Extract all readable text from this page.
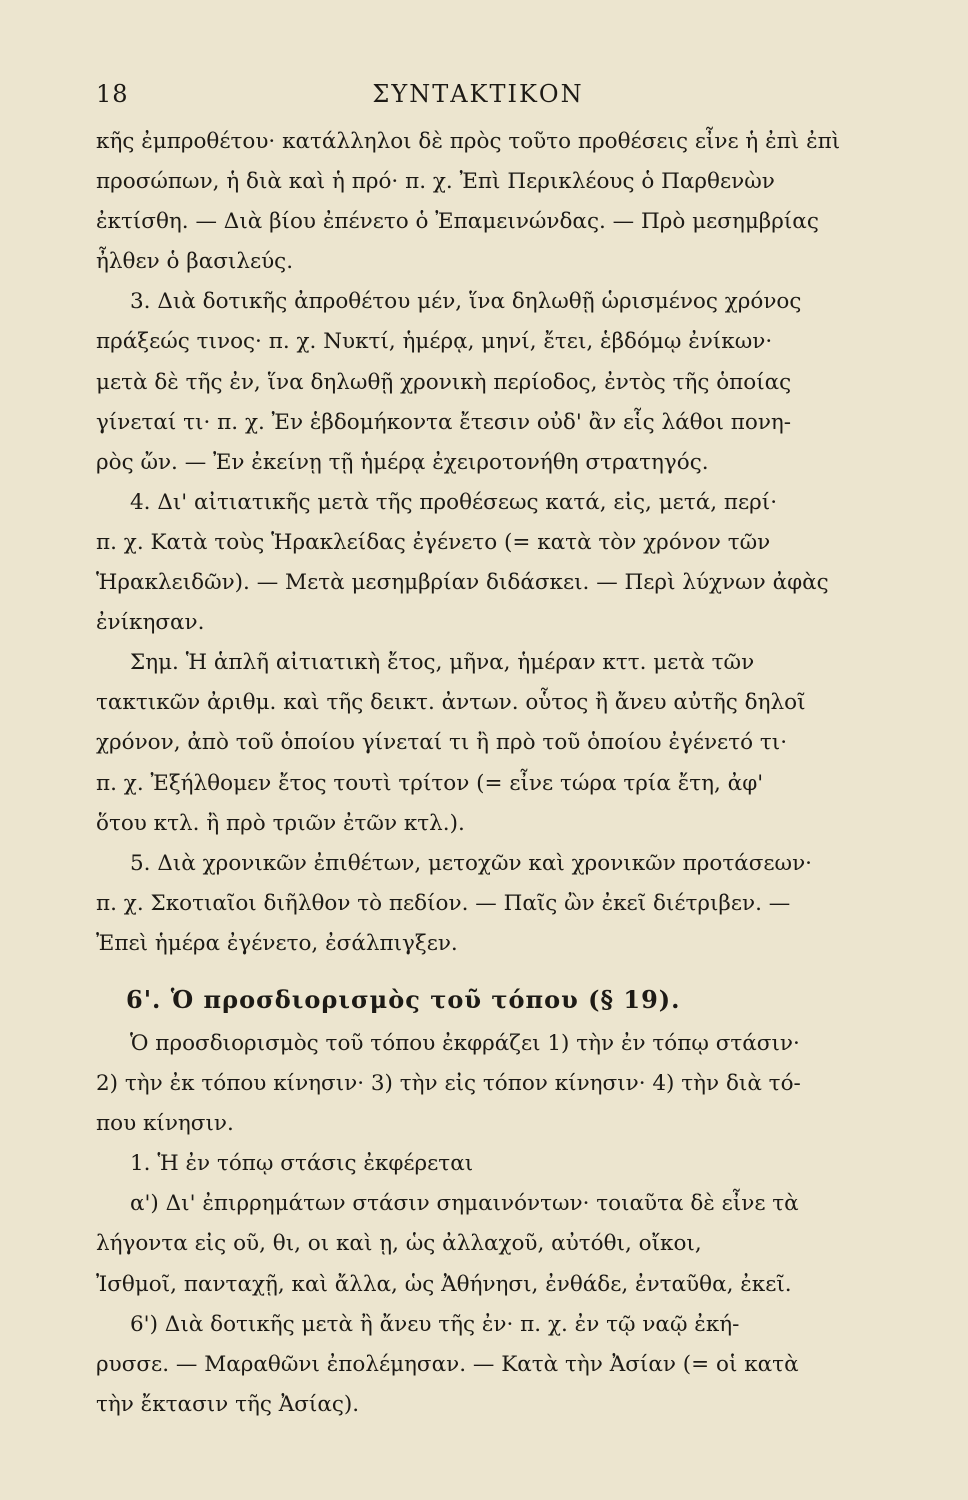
18	ΣΥΝΤΑΚΤΙΚΟΝ
κῆς ἐμπροθέτου· κατάλληλοι δὲ πρὸς τοῦτο προθέσεις εἶνε ἡ ἐπὶ ἐπὶ
προσώπων, ἡ διὰ καὶ ἡ πρό· π. χ. Ἐπὶ Περικλέους ὁ Παρθενὼν
ἐκτίσθη. — Διὰ βίου ἐπένετο ὁ Ἐπαμεινώνδας. — Πρὸ μεσημβρίας
ἦλθεν ὁ βασιλεύς.
3. Διὰ δοτικῆς ἀπροθέτου μέν, ἵνα δηλωθῇ ὡρισμένος χρόνος
πράξεώς τινος· π. χ. Νυκτί, ἡμέρᾳ, μηνί, ἔτει, ἑβδόμῳ ἐνίκων·
μετὰ δὲ τῆς ἐν, ἵνα δηλωθῇ χρονικὴ περίοδος, ἐντὸς τῆς ὁποίας
γίνεταί τι· π. χ. Ἐν ἑβδομήκοντα ἔτεσιν οὐδ' ἂν εἷς λάθοι πονη-
ρὸς ὤν. — Ἐν ἐκείνῃ τῇ ἡμέρᾳ ἐχειροτονήθη στρατηγός.
4. Δι' αἰτιατικῆς μετὰ τῆς προθέσεως κατά, εἰς, μετά, περί·
π. χ. Κατὰ τοὺς Ἡρακλείδας ἐγένετο (= κατὰ τὸν χρόνον τῶν
Ἡρακλειδῶν). — Μετὰ μεσημβρίαν διδάσκει. — Περὶ λύχνων ἀφὰς
ἐνίκησαν.
Σημ. Ἡ ἁπλῆ αἰτιατικὴ ἔτος, μῆνα, ἡμέραν κττ. μετὰ τῶν
τακτικῶν ἀριθμ. καὶ τῆς δεικτ. ἀντων. οὗτος ἢ ἄνευ αὐτῆς δηλοῖ
χρόνον, ἀπὸ τοῦ ὁποίου γίνεταί τι ἢ πρὸ τοῦ ὁποίου ἐγένετό τι·
π. χ. Ἐξήλθομεν ἔτος τουτὶ τρίτον (= εἶνε τώρα τρία ἔτη, ἀφ'
ὅτου κτλ. ἢ πρὸ τριῶν ἐτῶν κτλ.).
5. Διὰ χρονικῶν ἐπιθέτων, μετοχῶν καὶ χρονικῶν προτάσεων·
π. χ. Σκοτιαῖοι διῆλθον τὸ πεδίον. — Παῖς ὢν ἐκεῖ διέτριβεν. —
Ἐπεὶ ἡμέρα ἐγένετο, ἐσάλπιγξεν.
6'. Ὁ προσδιορισμὸς τοῦ τόπου (§ 19).
Ὁ προσδιορισμὸς τοῦ τόπου ἐκφράζει 1) τὴν ἐν τόπῳ στάσιν·
2) τὴν ἐκ τόπου κίνησιν· 3) τὴν εἰς τόπον κίνησιν· 4) τὴν διὰ τό-
που κίνησιν.
1. Ἡ ἐν τόπῳ στάσις ἐκφέρεται
α') Δι' ἐπιρρημάτων στάσιν σημαινόντων· τοιαῦτα δὲ εἶνε τὰ
λήγοντα εἰς οῦ, θι, οι καὶ ῃ, ὡς ἀλλαχοῦ, αὐτόθι, οἴκοι,
Ἰσθμοῖ, πανταχῇ, καὶ ἄλλα, ὡς Ἀθήνησι, ἐνθάδε, ἐνταῦθα, ἐκεῖ.
6') Διὰ δοτικῆς μετὰ ἢ ἄνευ τῆς ἐν· π. χ. ἐν τῷ ναῷ ἐκή-
ρυσσε. — Μαραθῶνι ἐπολέμησαν. — Κατὰ τὴν Ἀσίαν (= οἱ κατὰ
τὴν ἔκτασιν τῆς Ἀσίας).
